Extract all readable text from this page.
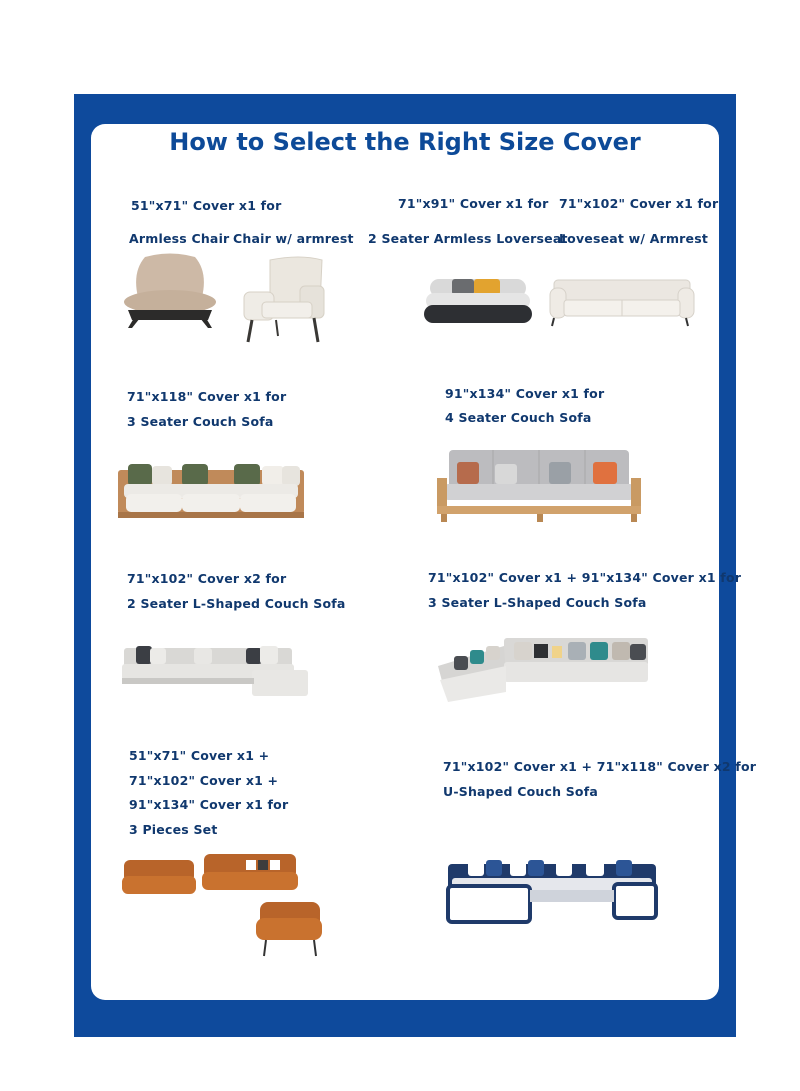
How to Select the Right Size Cover
51"x71" Cover x1 for
Armless Chair Chair w/ armrest
71"x91" Cover x1 for
2 Seater Armless Loverseat
71"x102" Cover x1 for
Loveseat w/ Armrest
71"x118" Cover x1 for
3 Seater Couch Sofa
91"x134" Cover x1 for
4 Seater Couch Sofa
71"x102" Cover x2 for
2 Seater L-Shaped Couch Sofa
71"x102" Cover x1 + 91"x134" Cover x1 for
3 Seater L-Shaped Couch Sofa
51"x71" Cover x1 +
71"x102" Cover x1 +
91"x134" Cover x1 for
3 Pieces Set
71"x102" Cover x1 + 71"x118" Cover x2 for
U-Shaped Couch Sofa
